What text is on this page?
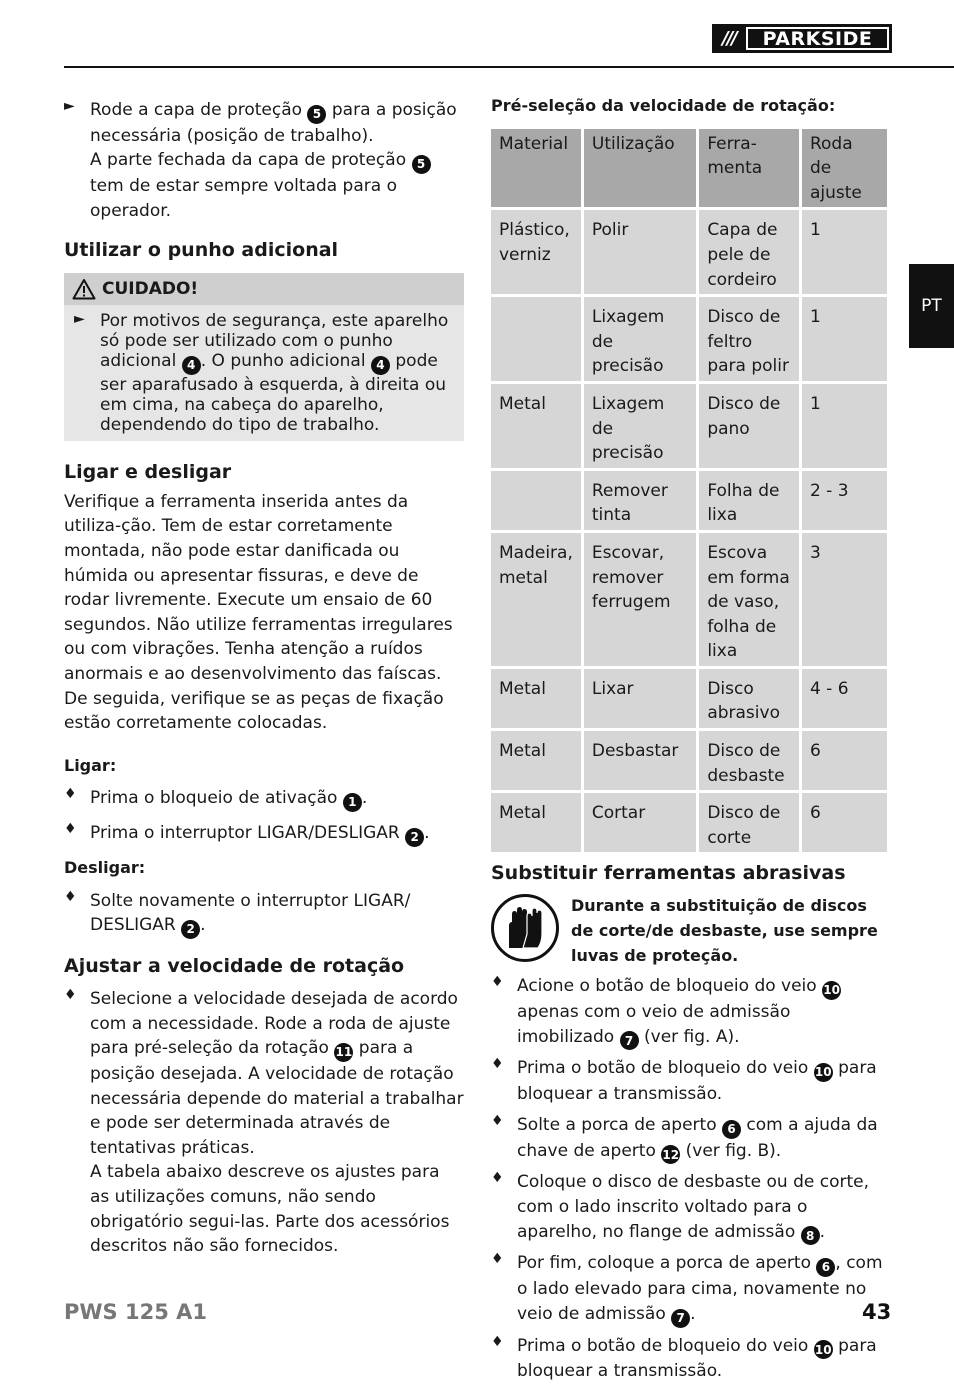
///	PARKSIDE
PT
► Rode a capa de proteção 5 para a posição necessária (posição de trabalho).

A parte fechada da capa de proteção 5 tem de estar sempre voltada para o operador.

Utilizar o punho adicional
CUIDADO!
► Por motivos de segurança, este aparelho só pode ser utilizado com o punho adicional 4 . O punho adicional 4 pode ser aparafusado à esquerda, à direita ou em cima, na cabeça do aparelho, dependendo do tipo de trabalho.
Ligar e desligar

Verifique a ferramenta inserida antes da utiliza-ção. Tem de estar corretamente montada, não pode estar danificada ou húmida ou apresentar fissuras, e deve de rodar livremente. Execute um ensaio de 60 segundos. Não utilize ferramentas irregulares ou com vibrações. Tenha atenção a ruídos anormais e ao desenvolvimento das faíscas. De seguida, verifique se as peças de fixação estão corretamente colocadas.

Ligar:

♦ Prima o bloqueio de ativação 1 .

♦ Prima o interruptor LIGAR/DESLIGAR 2 .

Desligar:

♦ Solte novamente o interruptor LIGAR/ DESLIGAR 2 .

Ajustar a velocidade de rotação
♦ Selecione a velocidade desejada de acordo com a necessidade. Rode a roda de ajuste para pré-seleção da rotação 11 para a posição desejada. A velocidade de rotação necessária depende do material a trabalhar e pode ser determinada através de tentativas práticas.

A tabela abaixo descreve os ajustes para as utilizações comuns, não sendo obrigatório segui-las. Parte dos acessórios descritos não são fornecidos.

Pré-seleção da velocidade de rotação:

Material	Utilização	Ferra-menta	Roda de ajuste
Plástico, verniz	Polir	Capa de pele de cordeiro	1
	Lixagem de precisão	Disco de feltro para polir	1
Metal	Lixagem de precisão	Disco de pano	1
	Remover tinta	Folha de lixa	2 - 3
Madeira, metal	Escovar, remover ferrugem	Escova em forma de vaso, folha de lixa	3
Metal	Lixar	Disco abrasivo	4 - 6
Metal	Desbastar	Disco de desbaste	6
Metal	Cortar	Disco de corte	6
Substituir ferramentas abrasivas

Durante a substituição de discos de corte/de desbaste, use sempre luvas de proteção.

♦ Acione o botão de bloqueio do veio 10 apenas com o veio de admissão imobilizado 7 (ver fig. A).

♦ Prima o botão de bloqueio do veio 10 para bloquear a transmissão.

♦ Solte a porca de aperto 6 com a ajuda da chave de aperto 12 (ver fig. B).

♦ Coloque o disco de desbaste ou de corte, com o lado inscrito voltado para o aparelho, no flange de admissão 8 .

♦ Por fim, coloque a porca de aperto 6 , com o lado elevado para cima, novamente no veio de admissão 7 .

♦ Prima o botão de bloqueio do veio 10 para bloquear a transmissão.

PWS 125 A1	43
